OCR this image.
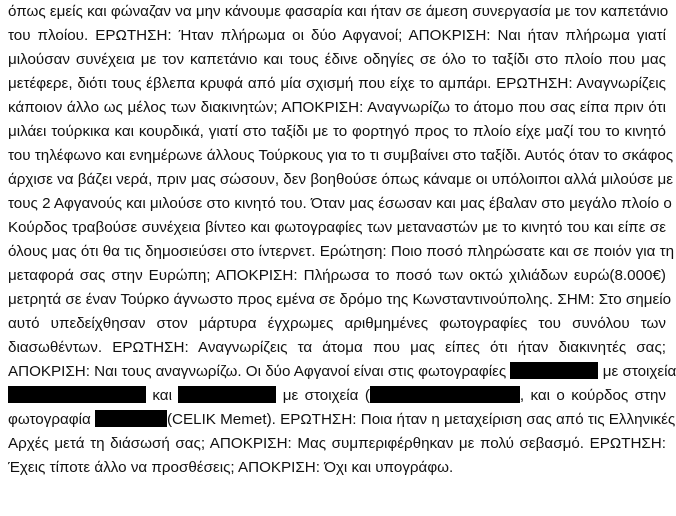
όπως εμείς και φώναζαν να μην κάνουμε φασαρία και ήταν σε άμεση συνεργασία με τον καπετάνιο
του πλοίου. ΕΡΩΤΗΣΗ: Ήταν πλήρωμα οι δύο Αφγανοί; ΑΠΟΚΡΙΣΗ: Ναι ήταν πλήρωμα γιατί
μιλούσαν συνέχεια με τον καπετάνιο και τους έδινε οδηγίες σε όλο το ταξίδι στο πλοίο που μας
μετέφερε, διότι τους έβλεπα κρυφά από μία σχισμή που είχε το αμπάρι. ΕΡΩΤΗΣΗ: Αναγνωρίζεις
κάποιον άλλο ως μέλος των διακινητών; ΑΠΟΚΡΙΣΗ: Αναγνωρίζω το άτομο που σας είπα πριν ότι
μιλάει τούρκικα και κουρδικά, γιατί στο ταξίδι με το φορτηγό προς το πλοίο είχε μαζί του το κινητό
του τηλέφωνο και ενημέρωνε άλλους Τούρκους για το τι συμβαίνει στο ταξίδι. Αυτός όταν το σκάφος
άρχισε να βάζει νερά, πριν μας σώσουν, δεν βοηθούσε όπως κάναμε οι υπόλοιποι αλλά μιλούσε με
τους 2 Αφγανούς και μιλούσε στο κινητό του. Όταν μας έσωσαν και μας έβαλαν στο μεγάλο πλοίο ο
Κούρδος τραβούσε συνέχεια βίντεο και φωτογραφίες των μεταναστών με το κινητό του και είπε σε
όλους μας ότι θα τις δημοσιεύσει στο ίντερνετ. Ερώτηση: Ποιο ποσό πληρώσατε και σε ποιόν για τη
μεταφορά σας στην Ευρώπη; ΑΠΟΚΡΙΣΗ: Πλήρωσα το ποσό των οκτώ χιλιάδων ευρώ(8.000€)
μετρητά σε έναν Τούρκο άγνωστο προς εμένα σε δρόμο της Κωνσταντινούπολης. ΣΗΜ: Στο σημείο
αυτό υπεδείχθησαν στον μάρτυρα έγχρωμες αριθμημένες φωτογραφίες του συνόλου των
διασωθέντων. ΕΡΩΤΗΣΗ: Αναγνωρίζεις τα άτομα που μας είπες ότι ήταν διακινητές σας;
ΑΠΟΚΡΙΣΗ: Ναι τους αναγνωρίζω. Οι δύο Αφγανοί είναι στις φωτογραφίες	με στοιχεία
και	με στοιχεία (	, και ο κούρδος στην
φωτογραφία	(CELIK Memet). ΕΡΩΤΗΣΗ: Ποια ήταν η μεταχείριση σας από τις Ελληνικές
Αρχές μετά τη διάσωσή σας; ΑΠΟΚΡΙΣΗ: Μας συμπεριφέρθηκαν με πολύ σεβασμό. ΕΡΩΤΗΣΗ:
Έχεις τίποτε άλλο να προσθέσεις; ΑΠΟΚΡΙΣΗ: Όχι και υπογράφω.
